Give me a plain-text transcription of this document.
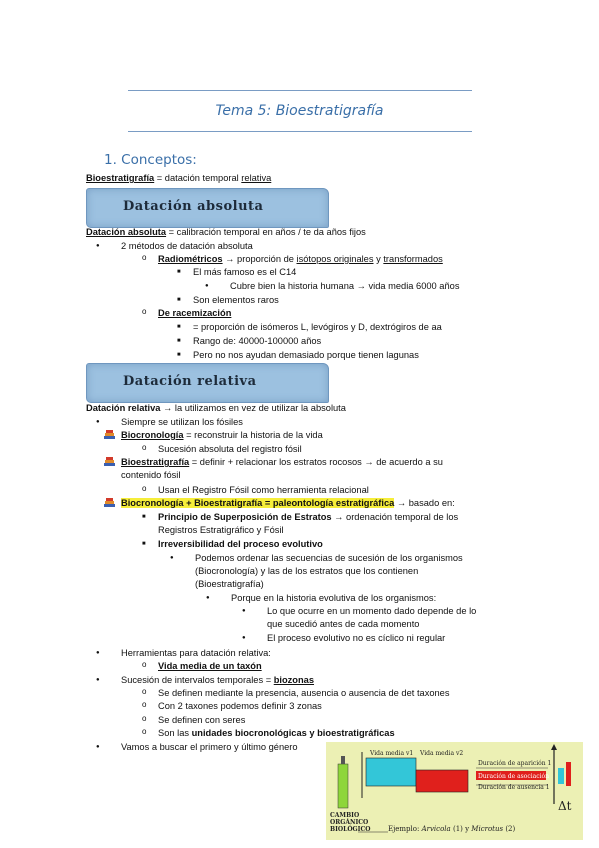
Tema 5: Bioestratigrafía
1. Conceptos:
Bioestratigrafía = datación temporal relativa
Datación absoluta
Datación absoluta = calibración temporal en años / te da años fijos
● 2 métodos de datación absoluta
o Radiométricos → proporción de isótopos originales y transformados
■ El más famoso es el C14
● Cubre bien la historia humana → vida media 6000 años
■ Son elementos raros
o De racemización
■ = proporción de isómeros L, levógiros y D, dextrógiros de aa
■ Rango de: 40000-100000 años
■ Pero no nos ayudan demasiado porque tienen lagunas
Datación relativa
Datación relativa → la utilizamos en vez de utilizar la absoluta
● Siempre se utilizan los fósiles
Biocronología = reconstruir la historia de la vida
o Sucesión absoluta del registro fósil
Bioestratigrafía = definir + relacionar los estratos rocosos → de acuerdo a su
contenido fósil
o Usan el Registro Fósil como herramienta relacional
Biocronología + Bioestratigrafía = paleontología estratigráfica → basado en:
■ Principio de Superposición de Estratos → ordenación temporal de los
Registros Estratigráfico y Fósil
■ Irreversibilidad del proceso evolutivo
● Podemos ordenar las secuencias de sucesión de los organismos
(Biocronología) y las de los estratos que los contienen
(Bioestratigrafía)
● Porque en la historia evolutiva de los organismos:
● Lo que ocurre en un momento dado depende de lo
que sucedió antes de cada momento
● El proceso evolutivo no es cíclico ni regular
● Herramientas para datación relativa:
o Vida media de un taxón
● Sucesión de intervalos temporales = biozonas
o Se definen mediante la presencia, ausencia o ausencia de det taxones
o Con 2 taxones podemos definir 3 zonas
o Se definen con seres
o Son las unidades biocronológicas y bioestratigráficas
● Vamos a buscar el primero y último género
Vida media v1 Vida media v2
Duración de aparición 1
Duración de asociación
Duración de ausencia 1
Δt
CAMBIO
ORGÁNICO
BIOLÓGICO	Ejemplo: Arvicola (1) y Microtus (2)
